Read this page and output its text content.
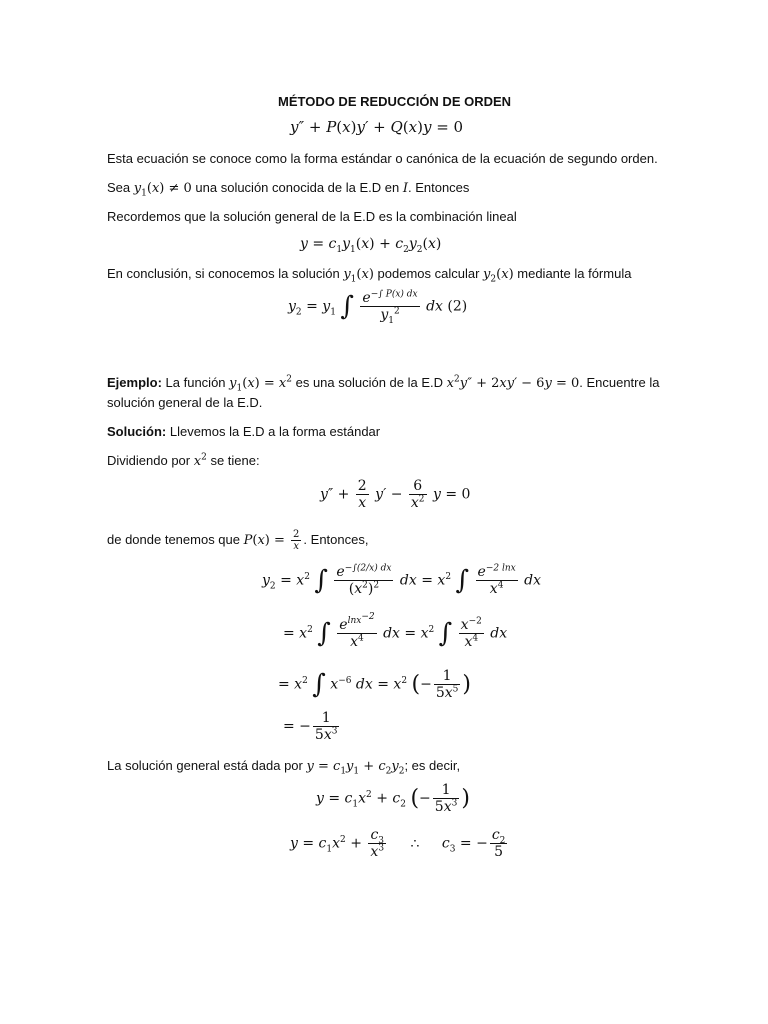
MÉTODO DE REDUCCIÓN DE ORDEN
y″ + P(x)y′ + Q(x)y = 0
Esta ecuación se conoce como la forma estándar o canónica de la ecuación de segundo orden.
Sea $y_1(x) \ne 0$ una solución conocida de la E.D en I. Entonces
Recordemos que la solución general de la E.D es la combinación lineal
$y = c_1y_1(x) + c_2y_2(x)$
En conclusión, si conocemos la solución $y_1(x)$ podemos calcular $y_2(x)$ mediante la fórmula
$y_2 = y_1$ ∫ $\frac{e^{-\int P(x) dx}}{y_1^2}$ dx (2)
Ejemplo: La función $y_1(x) = x^2$ es una solución de la E.D $x^2y'' + 2xy' - 6y = 0$. Encuentre la
solución general de la E.D.
Solución: Llevemos la E.D a la forma estándar
Dividiendo por $x^2$ se tiene:
$y'' + \frac{2}{x} y' - \frac{6}{x^2}$ y = 0
de donde tenemos que $P(x) = \frac{2}{x}$ . Entonces,
$y_2 = x^2$ ∫ $\frac{e^{-\int(2/x) dx}}{(x^2)^2}$ dx = $x^2$ ∫ $\frac{e^{-2 lnx}}{x^4}$ dx
= $x^2$ ∫ $\frac{e^{lnx^{-2}}}{x^4}$ dx = $x^2$ ∫ $\frac{x^{-2}}{x^4}$ dx
= $x^2$ ∫ $x^{-6}$ dx = $x^2$ (− $\frac{1}{5x^5}$ )
= − $\frac{1}{5x^3}$
La solución general está dada por $y = c_1y_1 + c_2y_2$; es decir,
$y = c_1x^2 + c_2$ (− $\frac{1}{5x^3}$ )
$y = c_1x^2 + \frac{c_3}{x^3}$ ∴ $c_3$ = − $\frac{c_2}{5}$
